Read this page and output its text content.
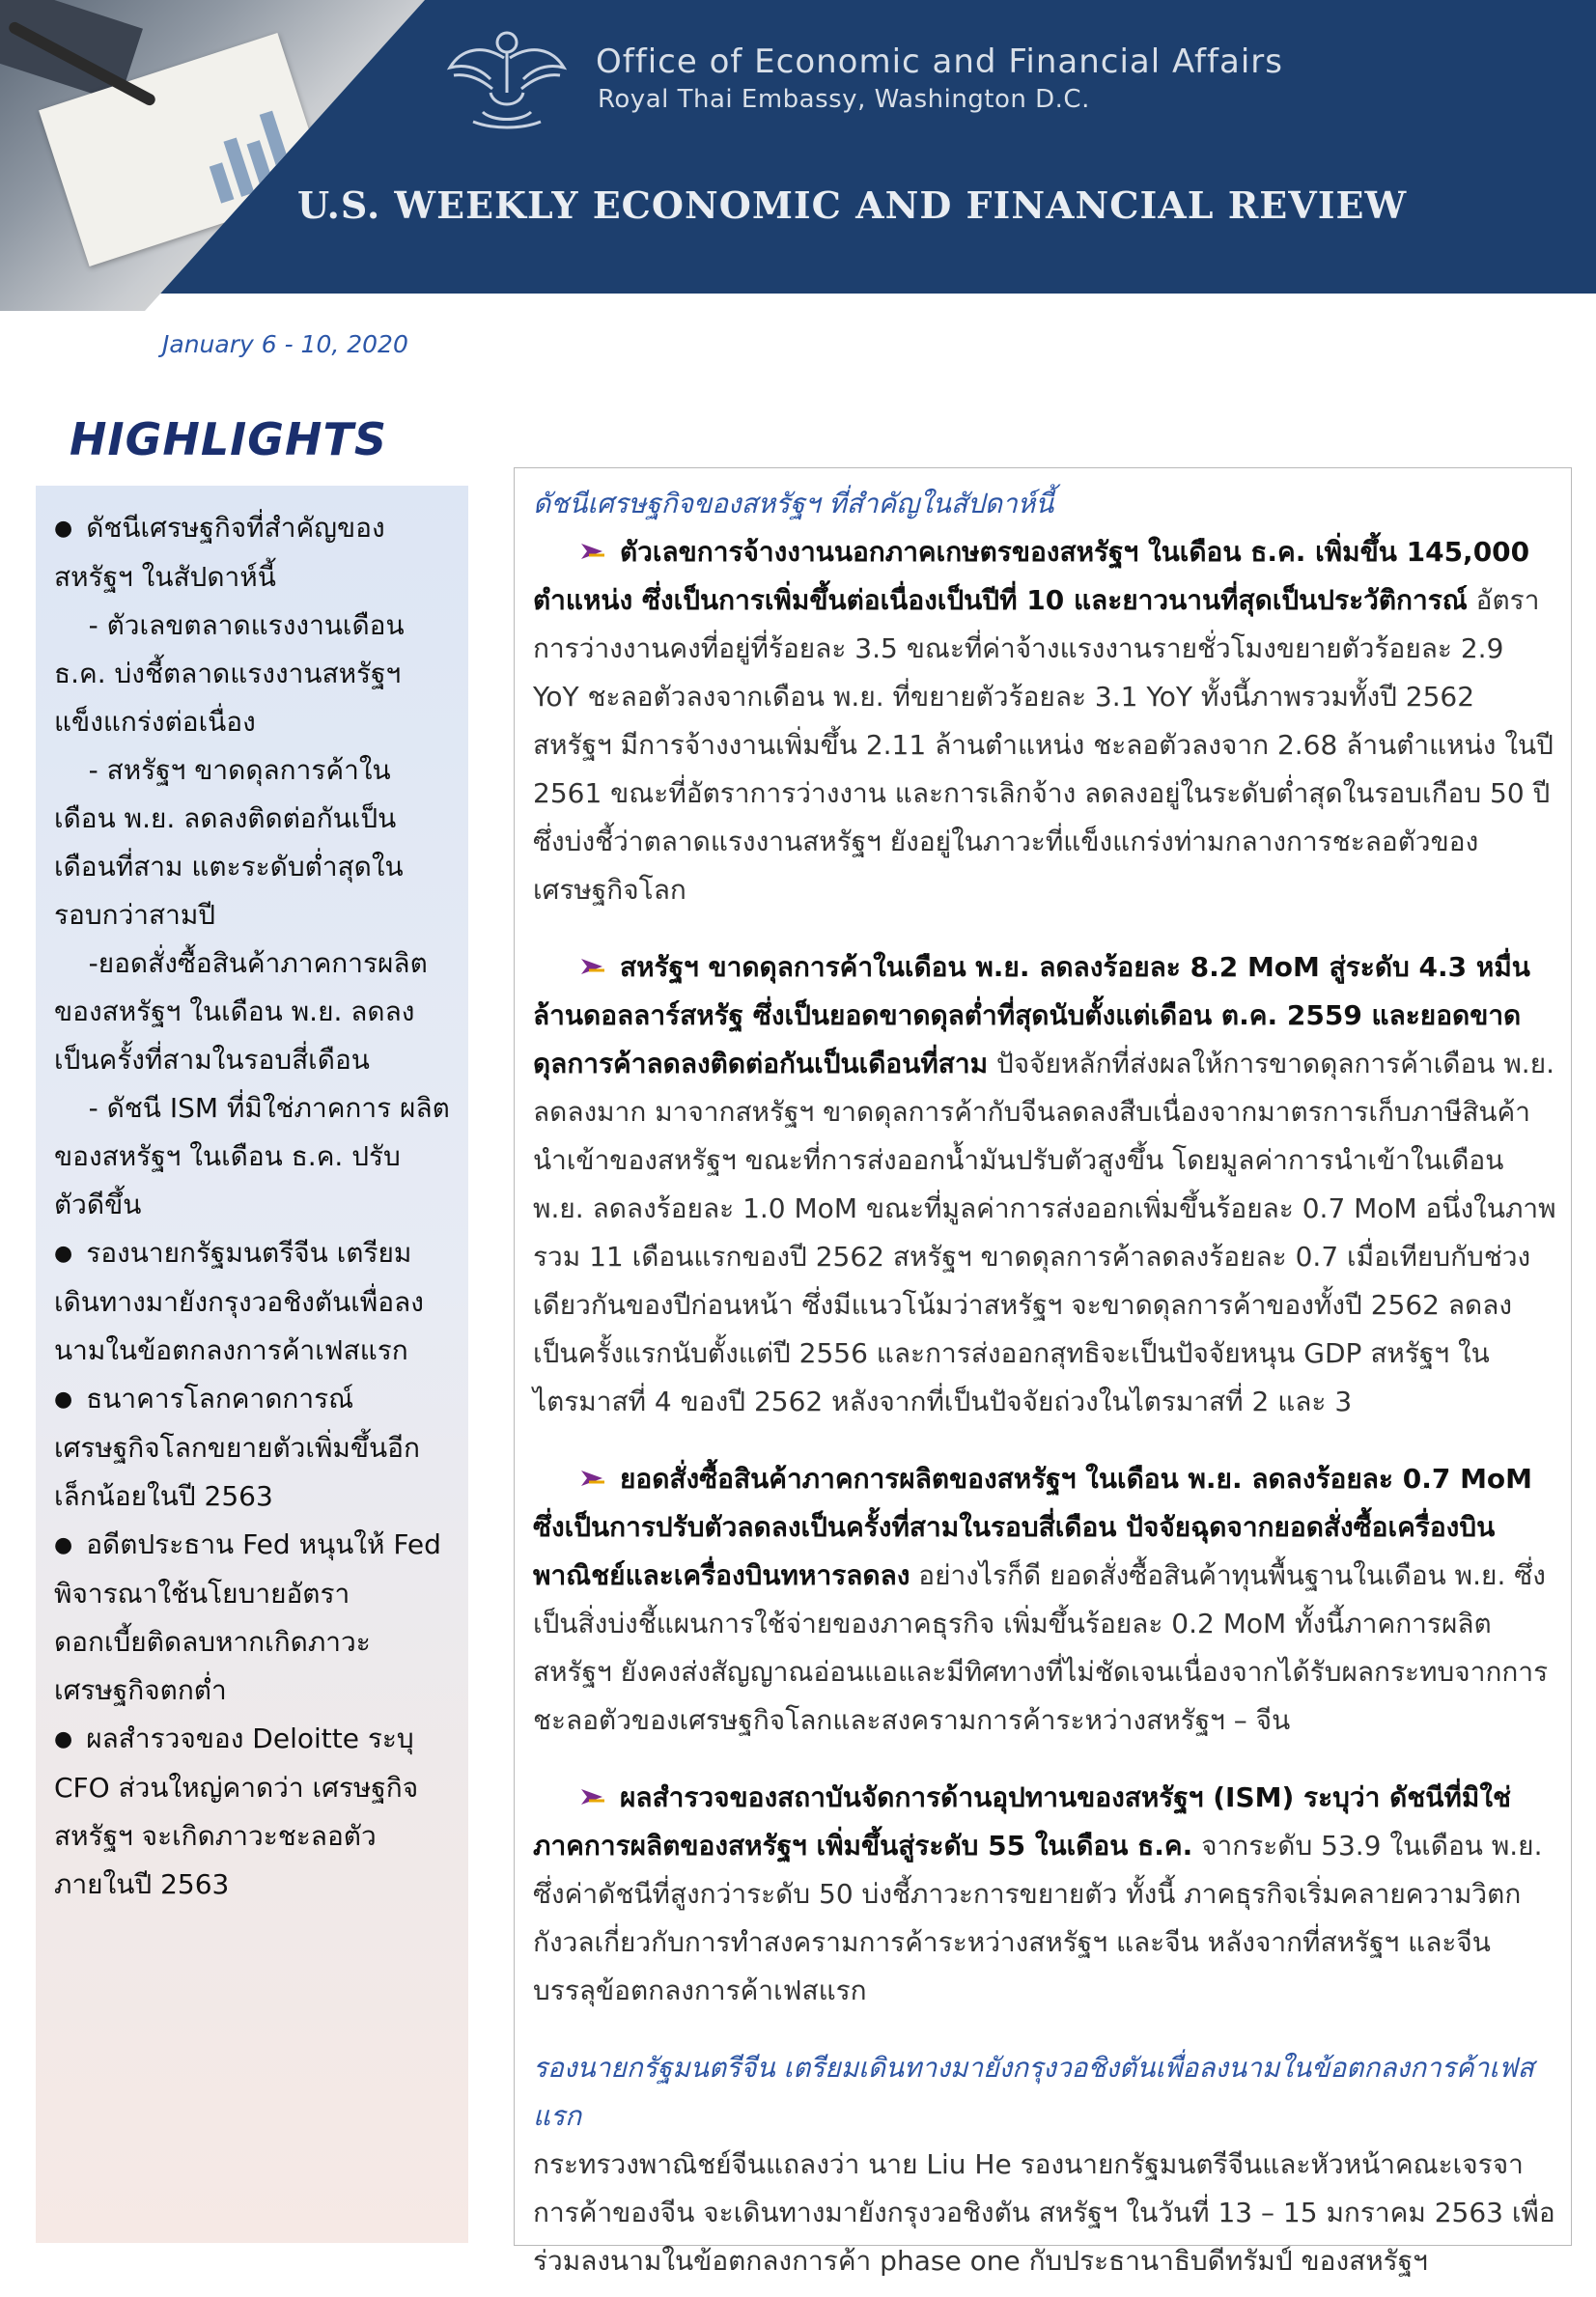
Office of Economic and Financial Affairs
Royal Thai Embassy, Washington D.C.
U.S. WEEKLY ECONOMIC AND FINANCIAL REVIEW
January 6 - 10, 2020
HIGHLIGHTS
● ดัชนีเศรษฐกิจที่สำคัญของ สหรัฐฯ ในสัปดาห์นี้
- ตัวเลขตลาดแรงงานเดือน ธ.ค. บ่งชี้ตลาดแรงงานสหรัฐฯ แข็งแกร่งต่อเนื่อง
- สหรัฐฯ ขาดดุลการค้าใน เดือน พ.ย. ลดลงติดต่อกันเป็น เดือนที่สาม แตะระดับต่ำสุดใน รอบกว่าสามปี
-ยอดสั่งซื้อสินค้าภาคการผลิต ของสหรัฐฯ ในเดือน พ.ย. ลดลง เป็นครั้งที่สามในรอบสี่เดือน
- ดัชนี ISM ที่มิใช่ภาคการ ผลิตของสหรัฐฯ ในเดือน ธ.ค. ปรับตัวดีขึ้น
● รองนายกรัฐมนตรีจีน เตรียม เดินทางมายังกรุงวอชิงตันเพื่อลง นามในข้อตกลงการค้าเฟสแรก
● ธนาคารโลกคาดการณ์ เศรษฐกิจโลกขยายตัวเพิ่มขึ้นอีก เล็กน้อยในปี 2563
● อดีตประธาน Fed หนุนให้ Fed พิจารณาใช้นโยบายอัตรา ดอกเบี้ยติดลบหากเกิดภาวะ เศรษฐกิจตกต่ำ
● ผลสำรวจของ Deloitte ระบุ CFO ส่วนใหญ่คาดว่า เศรษฐกิจ สหรัฐฯ จะเกิดภาวะชะลอตัว ภายในปี 2563
ดัชนีเศรษฐกิจของสหรัฐฯ ที่สำคัญในสัปดาห์นี้
ตัวเลขการจ้างงานนอกภาคเกษตรของสหรัฐฯ ในเดือน ธ.ค. เพิ่มขึ้น 145,000 ตำแหน่ง ซึ่งเป็นการเพิ่มขึ้นต่อเนื่องเป็นปีที่ 10 และยาวนานที่สุดเป็นประวัติการณ์ อัตราการว่างงานคงที่อยู่ที่ร้อยละ 3.5 ขณะที่ค่าจ้างแรงงานรายชั่วโมงขยายตัวร้อยละ 2.9 YoY ชะลอตัวลงจากเดือน พ.ย. ที่ขยายตัวร้อยละ 3.1 YoY ทั้งนี้ภาพรวมทั้งปี 2562 สหรัฐฯ มีการจ้างงานเพิ่มขึ้น 2.11 ล้านตำแหน่ง ชะลอตัวลงจาก 2.68 ล้านตำแหน่ง ในปี 2561 ขณะที่อัตราการว่างงาน และการเลิกจ้าง ลดลงอยู่ในระดับต่ำสุดในรอบเกือบ 50 ปี ซึ่งบ่งชี้ว่าตลาดแรงงานสหรัฐฯ ยังอยู่ในภาวะที่แข็งแกร่งท่ามกลางการชะลอตัวของเศรษฐกิจโลก
สหรัฐฯ ขาดดุลการค้าในเดือน พ.ย. ลดลงร้อยละ 8.2 MoM สู่ระดับ 4.3 หมื่นล้านดอลลาร์สหรัฐ ซึ่งเป็นยอดขาดดุลต่ำที่สุดนับตั้งแต่เดือน ต.ค. 2559 และยอดขาดดุลการค้าลดลงติดต่อกันเป็นเดือนที่สาม ปัจจัยหลักที่ส่งผลให้การขาดดุลการค้าเดือน พ.ย. ลดลงมาก มาจากสหรัฐฯ ขาดดุลการค้ากับจีนลดลงสืบเนื่องจากมาตรการเก็บภาษีสินค้านำเข้าของสหรัฐฯ ขณะที่การส่งออกน้ำมันปรับตัวสูงขึ้น โดยมูลค่าการนำเข้าในเดือน พ.ย. ลดลงร้อยละ 1.0 MoM ขณะที่มูลค่าการส่งออกเพิ่มขึ้นร้อยละ 0.7 MoM อนึ่งในภาพรวม 11 เดือนแรกของปี 2562 สหรัฐฯ ขาดดุลการค้าลดลงร้อยละ 0.7 เมื่อเทียบกับช่วงเดียวกันของปีก่อนหน้า ซึ่งมีแนวโน้มว่าสหรัฐฯ จะขาดดุลการค้าของทั้งปี 2562 ลดลงเป็นครั้งแรกนับตั้งแต่ปี 2556 และการส่งออกสุทธิจะเป็นปัจจัยหนุน GDP สหรัฐฯ ในไตรมาสที่ 4 ของปี 2562 หลังจากที่เป็นปัจจัยถ่วงในไตรมาสที่ 2 และ 3
ยอดสั่งซื้อสินค้าภาคการผลิตของสหรัฐฯ ในเดือน พ.ย. ลดลงร้อยละ 0.7 MoM ซึ่งเป็นการปรับตัวลดลงเป็นครั้งที่สามในรอบสี่เดือน ปัจจัยฉุดจากยอดสั่งซื้อเครื่องบินพาณิชย์และเครื่องบินทหารลดลง อย่างไรก็ดี ยอดสั่งซื้อสินค้าทุนพื้นฐานในเดือน พ.ย. ซึ่งเป็นสิ่งบ่งชี้แผนการใช้จ่ายของภาคธุรกิจ เพิ่มขึ้นร้อยละ 0.2 MoM ทั้งนี้ภาคการผลิตสหรัฐฯ ยังคงส่งสัญญาณอ่อนแอและมีทิศทางที่ไม่ชัดเจนเนื่องจากได้รับผลกระทบจากการชะลอตัวของเศรษฐกิจโลกและสงครามการค้าระหว่างสหรัฐฯ – จีน
ผลสำรวจของสถาบันจัดการด้านอุปทานของสหรัฐฯ (ISM) ระบุว่า ดัชนีที่มิใช่ภาคการผลิตของสหรัฐฯ เพิ่มขึ้นสู่ระดับ 55 ในเดือน ธ.ค. จากระดับ 53.9 ในเดือน พ.ย. ซึ่งค่าดัชนีที่สูงกว่าระดับ 50 บ่งชี้ภาวะการขยายตัว ทั้งนี้ ภาคธุรกิจเริ่มคลายความวิตกกังวลเกี่ยวกับการทำสงครามการค้าระหว่างสหรัฐฯ และจีน หลังจากที่สหรัฐฯ และจีน บรรลุข้อตกลงการค้าเฟสแรก
รองนายกรัฐมนตรีจีน เตรียมเดินทางมายังกรุงวอชิงตันเพื่อลงนามในข้อตกลงการค้าเฟสแรก
กระทรวงพาณิชย์จีนแถลงว่า นาย Liu He รองนายกรัฐมนตรีจีนและหัวหน้าคณะเจรจาการค้าของจีน จะเดินทางมายังกรุงวอชิงตัน สหรัฐฯ ในวันที่ 13 – 15 มกราคม 2563 เพื่อร่วมลงนามในข้อตกลงการค้า phase one กับประธานาธิบดีทรัมป์ ของสหรัฐฯ
